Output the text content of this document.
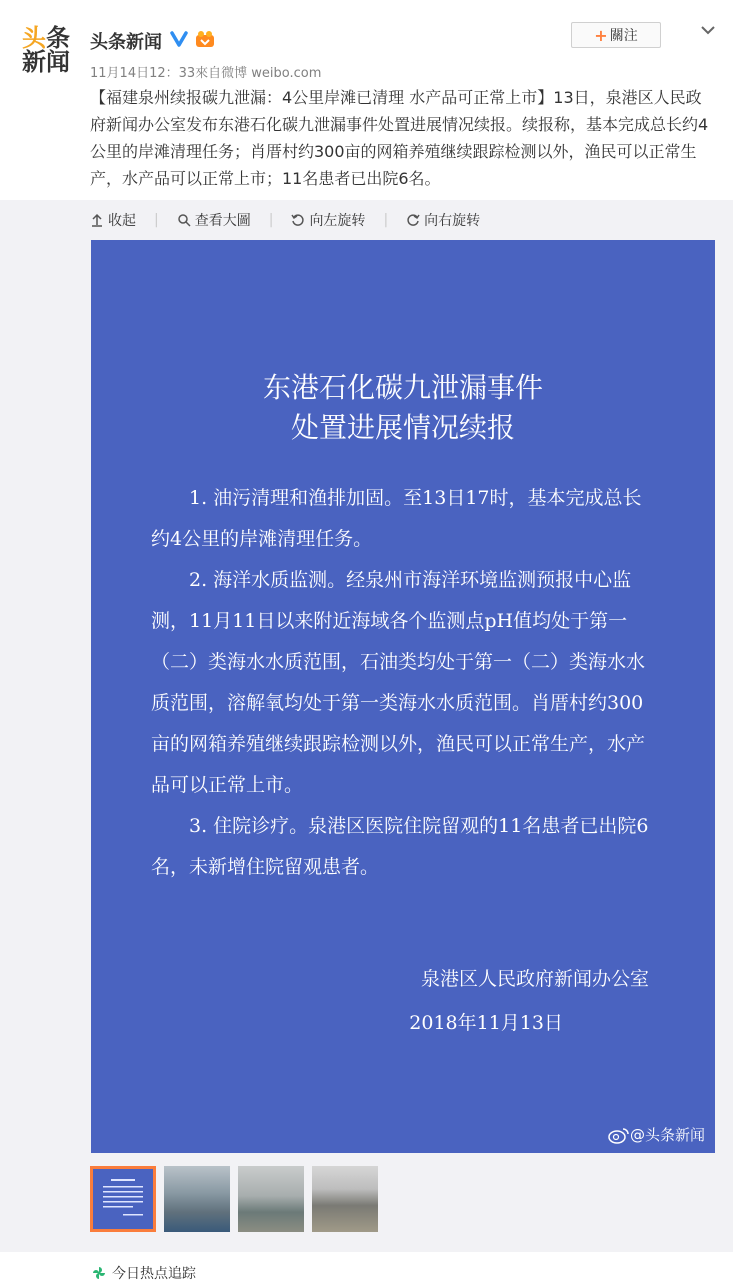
头条
新闻
头条新闻
11月14日12：33來自微博 weibo.com
+ 關注
【福建泉州续报碳九泄漏：4公里岸滩已清理 水产品可正常上市】13日，泉港区人民政府新闻办公室发布东港石化碳九泄漏事件处置进展情况续报。续报称，基本完成总长约4公里的岸滩清理任务；肖厝村约300亩的网箱养殖继续跟踪检测以外，渔民可以正常生产，水产品可以正常上市；11名患者已出院6名。
收起 |	查看大圖 |	向左旋转 |	向右旋转
东港石化碳九泄漏事件
处置进展情况续报

1. 油污清理和渔排加固。至13日17时，基本完成总长约4公里的岸滩清理任务。

2. 海洋水质监测。经泉州市海洋环境监测预报中心监测，11月11日以来附近海域各个监测点pH值均处于第一（二）类海水水质范围，石油类均处于第一（二）类海水水质范围，溶解氧均处于第一类海水水质范围。肖厝村约300亩的网箱养殖继续跟踪检测以外，渔民可以正常生产，水产品可以正常上市。

3. 住院诊疗。泉港区医院住院留观的11名患者已出院6名，未新增住院留观患者。

泉港区人民政府新闻办公室
2018年11月13日
@头条新闻
今日热点追踪
